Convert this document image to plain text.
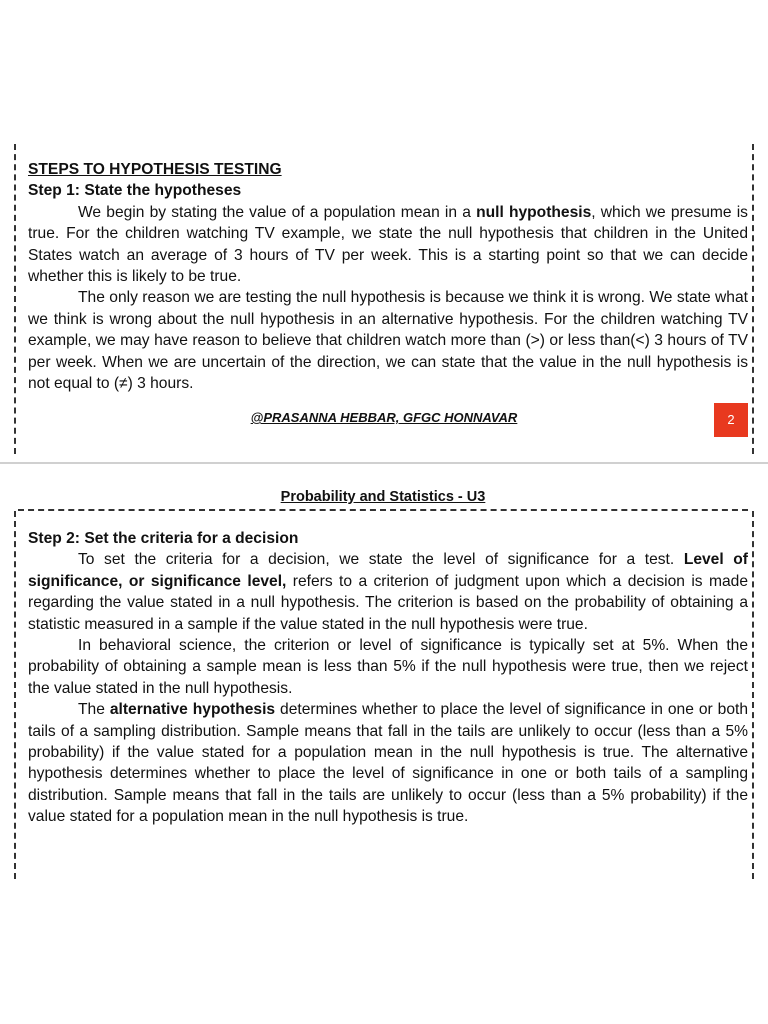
STEPS TO HYPOTHESIS TESTING
Step 1: State the hypotheses

We begin by stating the value of a population mean in a null hypothesis, which we presume is true. For the children watching TV example, we state the null hypothesis that children in the United States watch an average of 3 hours of TV per week. This is a starting point so that we can decide whether this is likely to be true.

The only reason we are testing the null hypothesis is because we think it is wrong. We state what we think is wrong about the null hypothesis in an alternative hypothesis. For the children watching TV example, we may have reason to believe that children watch more than (>) or less than(<) 3 hours of TV per week. When we are uncertain of the direction, we can state that the value in the null hypothesis is not equal to (≠) 3 hours.

@PRASANNA HEBBAR, GFGC HONNAVAR	2
Probability and Statistics - U3
Step 2: Set the criteria for a decision

To set the criteria for a decision, we state the level of significance for a test. Level of significance, or significance level, refers to a criterion of judgment upon which a decision is made regarding the value stated in a null hypothesis. The criterion is based on the probability of obtaining a statistic measured in a sample if the value stated in the null hypothesis were true.

In behavioral science, the criterion or level of significance is typically set at 5%. When the probability of obtaining a sample mean is less than 5% if the null hypothesis were true, then we reject the value stated in the null hypothesis.

The alternative hypothesis determines whether to place the level of significance in one or both tails of a sampling distribution. Sample means that fall in the tails are unlikely to occur (less than a 5% probability) if the value stated for a population mean in the null hypothesis is true. The alternative hypothesis determines whether to place the level of significance in one or both tails of a sampling distribution. Sample means that fall in the tails are unlikely to occur (less than a 5% probability) if the value stated for a population mean in the null hypothesis is true.
